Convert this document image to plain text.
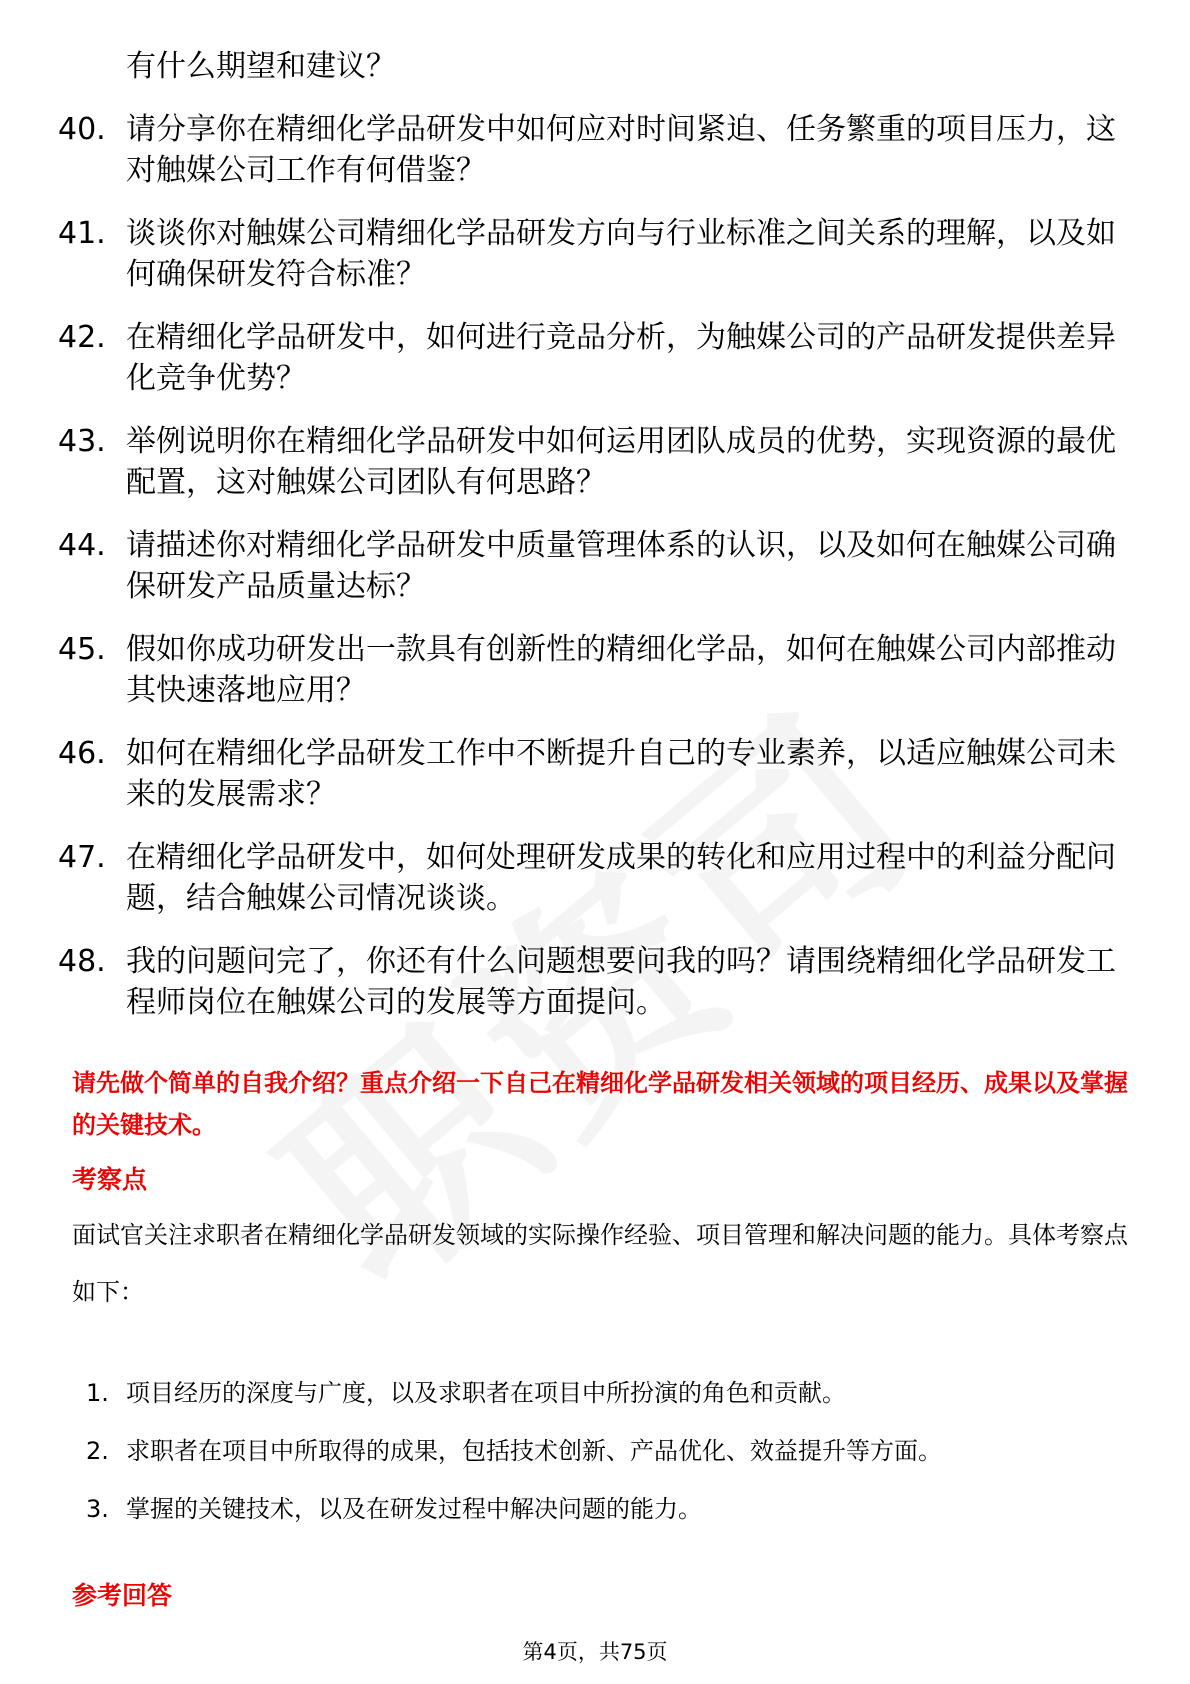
有什么期望和建议？
40. 请分享你在精细化学品研发中如何应对时间紧迫、任务繁重的项目压力，这对触媒公司工作有何借鉴？
41. 谈谈你对触媒公司精细化学品研发方向与行业标准之间关系的理解，以及如何确保研发符合标准？
42. 在精细化学品研发中，如何进行竞品分析，为触媒公司的产品研发提供差异化竞争优势？
43. 举例说明你在精细化学品研发中如何运用团队成员的优势，实现资源的最优配置，这对触媒公司团队有何思路？
44. 请描述你对精细化学品研发中质量管理体系的认识，以及如何在触媒公司确保研发产品质量达标？
45. 假如你成功研发出一款具有创新性的精细化学品，如何在触媒公司内部推动其快速落地应用？
46. 如何在精细化学品研发工作中不断提升自己的专业素养，以适应触媒公司未来的发展需求？
47. 在精细化学品研发中，如何处理研发成果的转化和应用过程中的利益分配问题，结合触媒公司情况谈谈。
48. 我的问题问完了，你还有什么问题想要问我的吗？请围绕精细化学品研发工程师岗位在触媒公司的发展等方面提问。
请先做个简单的自我介绍？重点介绍一下自己在精细化学品研发相关领域的项目经历、成果以及掌握的关键技术。
考察点
面试官关注求职者在精细化学品研发领域的实际操作经验、项目管理和解决问题的能力。具体考察点如下：
1. 项目经历的深度与广度，以及求职者在项目中所扮演的角色和贡献。
2. 求职者在项目中所取得的成果，包括技术创新、产品优化、效益提升等方面。
3. 掌握的关键技术，以及在研发过程中解决问题的能力。
参考回答
第4页，共75页
